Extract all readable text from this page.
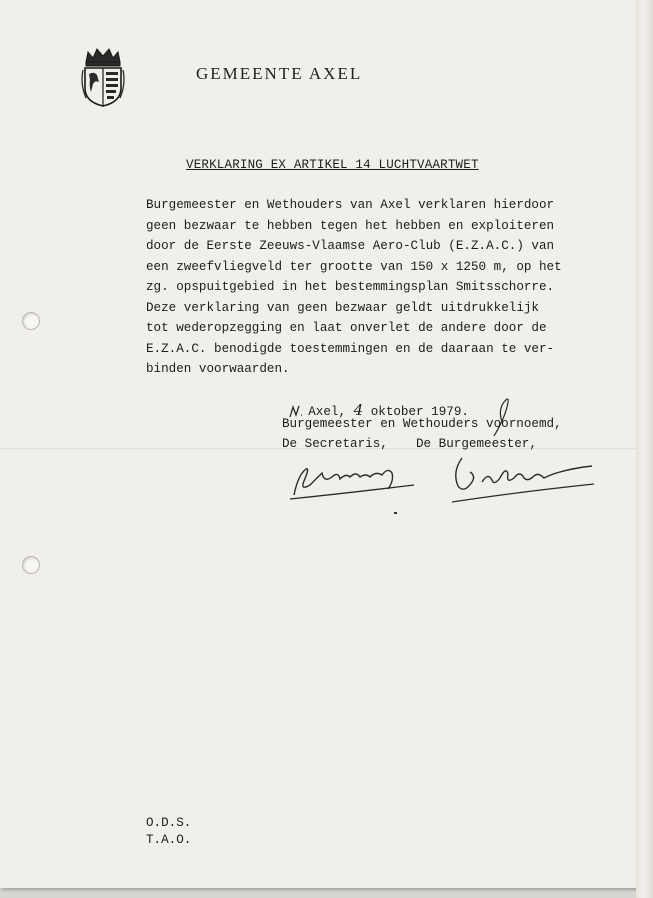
GEMEENTE AXEL
VERKLARING EX ARTIKEL 14 LUCHTVAARTWET

Burgemeester en Wethouders van Axel verklaren hierdoor
geen bezwaar te hebben tegen het hebben en exploiteren
door de Eerste Zeeuws-Vlaamse Aero-Club (E.Z.A.C.) van
een zweefvliegveld ter grootte van 150 x 1250 m, op het
zg. opspuitgebied in het bestemmingsplan Smitsschorre.
Deze verklaring van geen bezwaar geldt uitdrukkelijk
tot wederopzegging en laat onverlet de andere door de
E.Z.A.C. benodigde toestemmingen en de daaraan te ver-
binden voorwaarden.

Axel, 4 oktober 1979.

Burgemeester en Wethouders voornoemd,
De Secretaris, De Burgemeester,
O.D.S.
T.A.O.
